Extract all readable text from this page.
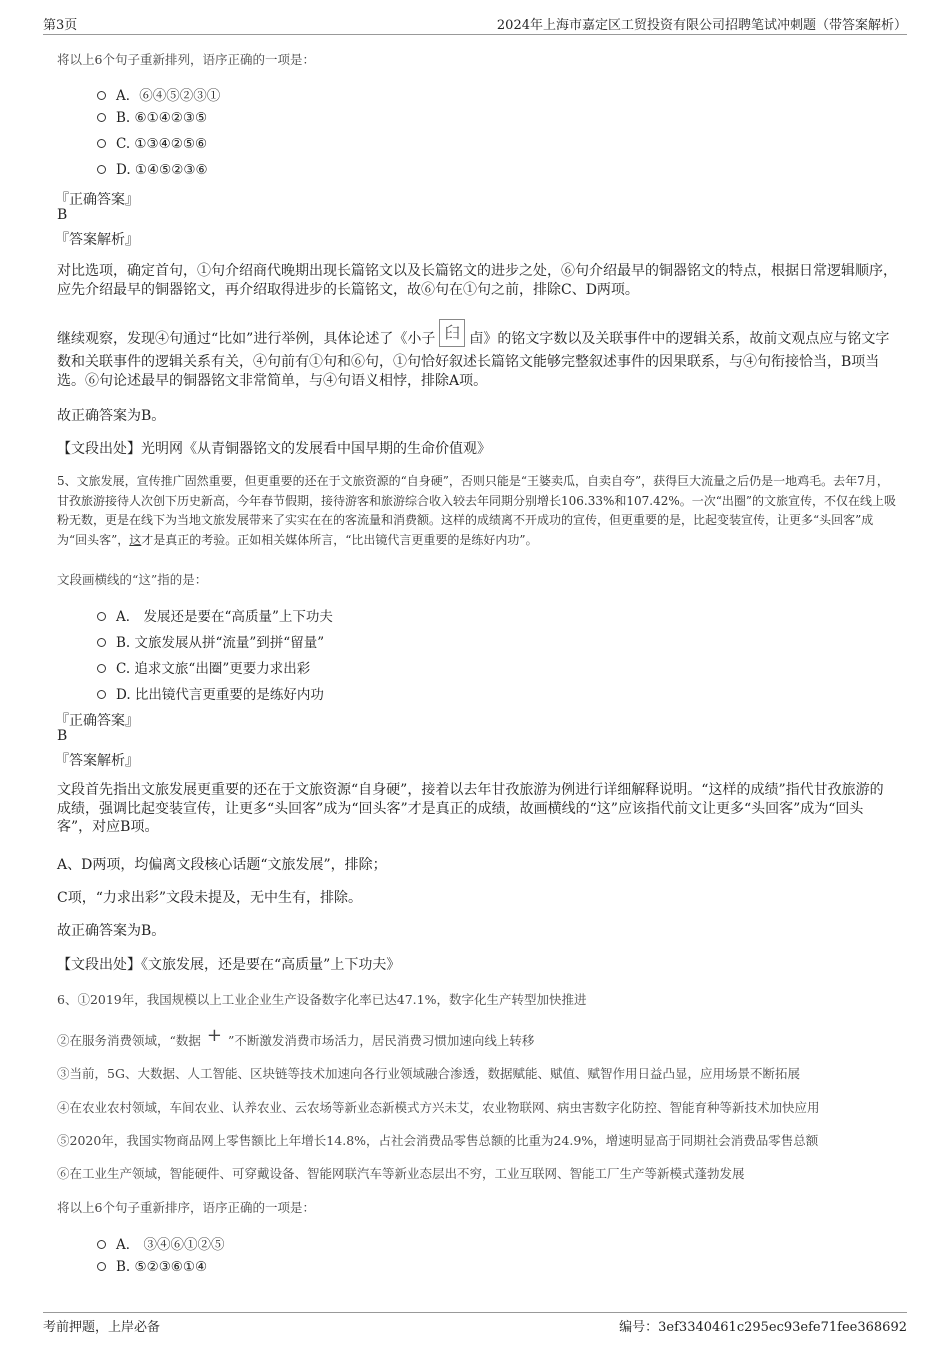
第3页	2024年上海市嘉定区工贸投资有限公司招聘笔试冲刺题（带答案解析）
将以上6个句子重新排列，语序正确的一项是：
A．⑥④⑤②③①
B. ⑥①④②③⑤
C. ①③④②⑤⑥
D. ①④⑤②③⑥
『正确答案』
B
『答案解析』
对比选项，确定首句，①句介绍商代晚期出现长篇铭文以及长篇铭文的进步之处，⑥句介绍最早的铜器铭文的特点，根据日常逻辑顺序，应先介绍最早的铜器铭文，再介绍取得进步的长篇铭文，故⑥句在①句之前，排除C、D两项。
继续观察，发现④句通过“比如”进行举例，具体论述了《小子 𦥑 卣》的铭文字数以及关联事件中的逻辑关系，故前文观点应与铭文字数和关联事件的逻辑关系有关，④句前有①句和⑥句，①句恰好叙述长篇铭文能够完整叙述事件的因果联系，与④句衔接恰当，B项当选。⑥句论述最早的铜器铭文非常简单，与④句语义相悖，排除A项。
故正确答案为B。
【文段出处】光明网《从青铜器铭文的发展看中国早期的生命价值观》
5、文旅发展，宣传推广固然重要，但更重要的还在于文旅资源的“自身硬”，否则只能是“王婆卖瓜，自卖自夸”，获得巨大流量之后仍是一地鸡毛。去年7月，甘孜旅游接待人次创下历史新高，今年春节假期，接待游客和旅游综合收入较去年同期分别增长106.33%和107.42%。一次“出圈”的文旅宣传，不仅在线上吸粉无数，更是在线下为当地文旅发展带来了实实在在的客流量和消费额。这样的成绩离不开成功的宣传，但更重要的是，比起变装宣传，让更多“头回客”成为“回头客”，这才是真正的考验。正如相关媒体所言，“比出镜代言更重要的是练好内功”。
文段画横线的“这”指的是：
A． 发展还是要在“高质量”上下功夫
B. 文旅发展从拼“流量”到拼“留量”
C. 追求文旅“出圈”更要力求出彩
D. 比出镜代言更重要的是练好内功
『正确答案』
B
『答案解析』
文段首先指出文旅发展更重要的还在于文旅资源“自身硬”，接着以去年甘孜旅游为例进行详细解释说明。“这样的成绩”指代甘孜旅游的成绩，强调比起变装宣传，让更多“头回客”成为“回头客”才是真正的成绩，故画横线的“这”应该指代前文让更多“头回客”成为“回头客”，对应B项。
A、D两项，均偏离文段核心话题“文旅发展”，排除；
C项，“力求出彩”文段未提及，无中生有，排除。
故正确答案为B。
【文段出处】《文旅发展，还是要在“高质量”上下功夫》
6、①2019年，我国规模以上工业企业生产设备数字化率已达47.1%，数字化生产转型加快推进
②在服务消费领域，“数据 + ”不断激发消费市场活力，居民消费习惯加速向线上转移
③当前，5G、大数据、人工智能、区块链等技术加速向各行业领域融合渗透，数据赋能、赋值、赋智作用日益凸显，应用场景不断拓展
④在农业农村领域，车间农业、认养农业、云农场等新业态新模式方兴未艾，农业物联网、病虫害数字化防控、智能育种等新技术加快应用
⑤2020年，我国实物商品网上零售额比上年增长14.8%，占社会消费品零售总额的比重为24.9%，增速明显高于同期社会消费品零售总额
⑥在工业生产领域，智能硬件、可穿戴设备、智能网联汽车等新业态层出不穷，工业互联网、智能工厂生产等新模式蓬勃发展
将以上6个句子重新排序，语序正确的一项是：
A． ③④⑥①②⑤
B. ⑤②③⑥①④
考前押题，上岸必备	编号：3ef3340461c295ec93efe71fee368692
